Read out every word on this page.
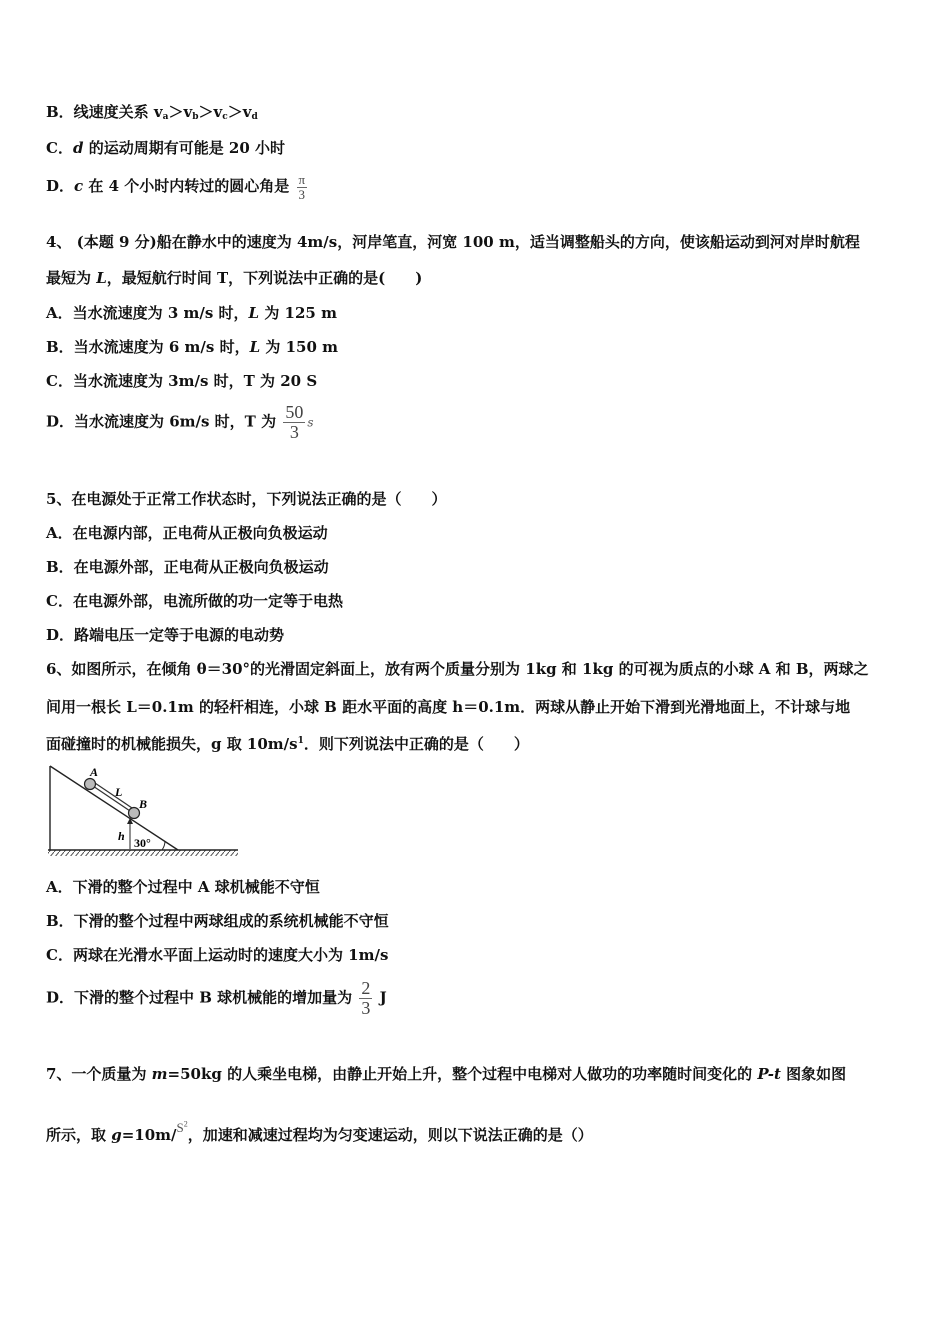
B．线速度关系 $v_a>v_b>v_c>v_d$
C．d 的运动周期有可能是 20 小时
D．c 在 4 个小时内转过的圆心角是 $\frac{\pi}{3}$
4、 (本题 9 分)船在静水中的速度为 4m/s，河岸笔直，河宽 100 m，适当调整船头的方向，使该船运动到河对岸时航程
最短为 L，最短航行时间 T，下列说法中正确的是(　　)
A．当水流速度为 3 m/s 时，L 为 125 m
B．当水流速度为 6 m/s 时，L 为 150 m
C．当水流速度为 3m/s 时，T 为 20 S
D．当水流速度为 6m/s 时，T 为 $\frac{50}{3}$ s
5、在电源处于正常工作状态时，下列说法正确的是（　　）
A．在电源内部，正电荷从正极向负极运动
B．在电源外部，正电荷从正极向负极运动
C．在电源外部，电流所做的功一定等于电热
D．路端电压一定等于电源的电动势
6、如图所示，在倾角 θ＝30°的光滑固定斜面上，放有两个质量分别为 1kg 和 1kg 的可视为质点的小球 A 和 B，两球之
间用一根长 L＝0.1m 的轻杆相连，小球 B 距水平面的高度 h＝0.1m．两球从静止开始下滑到光滑地面上，不计球与地
面碰撞时的机械能损失，g 取 $10m/s^1$．则下列说法中正确的是（　　）
A
B
L
h 30°
A．下滑的整个过程中 A 球机械能不守恒
B．下滑的整个过程中两球组成的系统机械能不守恒
C．两球在光滑水平面上运动时的速度大小为 1m/s
D．下滑的整个过程中 B 球机械能的增加量为 $\frac{2}{3}$ J
7、一个质量为 m=50kg 的人乘坐电梯，由静止开始上升，整个过程中电梯对人做功的功率随时间变化的 P-t 图象如图
所示，取 $g=10m/S^2$，加速和减速过程均为匀变速运动，则以下说法正确的是（）
